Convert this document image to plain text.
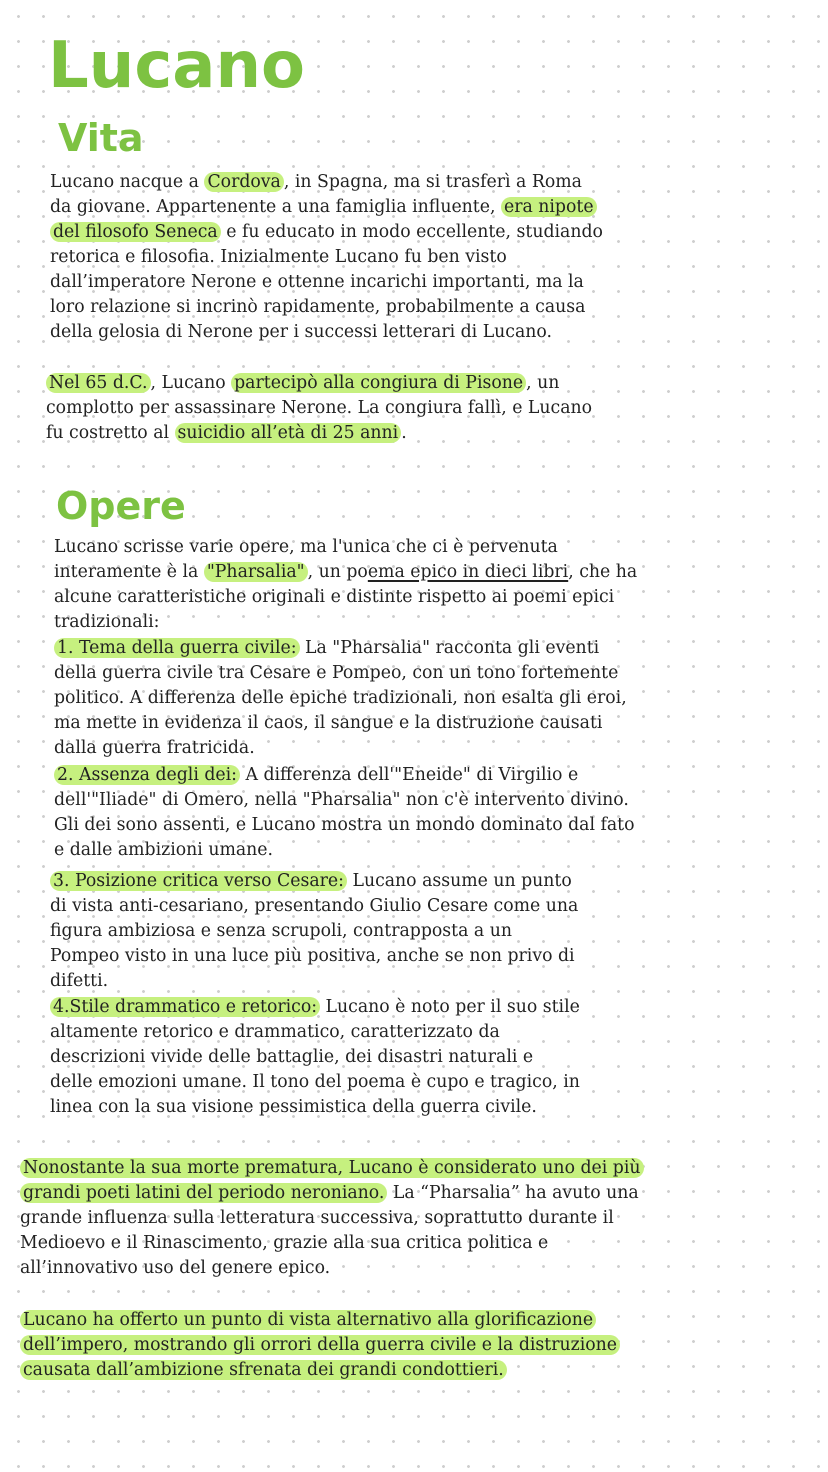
Lucano
Vita

Lucano nacque a Cordova , in Spagna, ma si trasferì a Roma
da giovane. Appartenente a una famiglia influente, era nipote
del filosofo Seneca e fu educato in modo eccellente, studiando
retorica e filosofia. Inizialmente Lucano fu ben visto
dall’imperatore Nerone e ottenne incarichi importanti, ma la
loro relazione si incrinò rapidamente, probabilmente a causa
della gelosia di Nerone per i successi letterari di Lucano.

Nel 65 d.C. , Lucano partecipò alla congiura di Pisone , un
complotto per assassinare Nerone. La congiura fallì, e Lucano
fu costretto al suicidio all’età di 25 anni .

Opere

Lucano scrisse varie opere, ma l'unica che ci è pervenuta
interamente è la "Pharsalia" , un poema epico in dieci libri, che ha
alcune caratteristiche originali e distinte rispetto ai poemi epici
tradizionali:

1. Tema della guerra civile: La "Pharsalia" racconta gli eventi
della guerra civile tra Cesare e Pompeo, con un tono fortemente
politico. A differenza delle epiche tradizionali, non esalta gli eroi,
ma mette in evidenza il caos, il sangue e la distruzione causati
dalla guerra fratricida.

2. Assenza degli dei: A differenza dell'"Eneide" di Virgilio e
dell'"Iliade" di Omero, nella "Pharsalia" non c'è intervento divino.
Gli dei sono assenti, e Lucano mostra un mondo dominato dal fato
e dalle ambizioni umane.

3. Posizione critica verso Cesare: Lucano assume un punto
di vista anti-cesariano, presentando Giulio Cesare come una
figura ambiziosa e senza scrupoli, contrapposta a un
Pompeo visto in una luce più positiva, anche se non privo di
difetti.

4.Stile drammatico e retorico: Lucano è noto per il suo stile
altamente retorico e drammatico, caratterizzato da
descrizioni vivide delle battaglie, dei disastri naturali e
delle emozioni umane. Il tono del poema è cupo e tragico, in
linea con la sua visione pessimistica della guerra civile.

Nonostante la sua morte prematura, Lucano è considerato uno dei più
grandi poeti latini del periodo neroniano. La “Pharsalia” ha avuto una
grande influenza sulla letteratura successiva, soprattutto durante il
Medioevo e il Rinascimento, grazie alla sua critica politica e
all’innovativo uso del genere epico.

Lucano ha offerto un punto di vista alternativo alla glorificazione
dell’impero, mostrando gli orrori della guerra civile e la distruzione
causata dall’ambizione sfrenata dei grandi condottieri.
